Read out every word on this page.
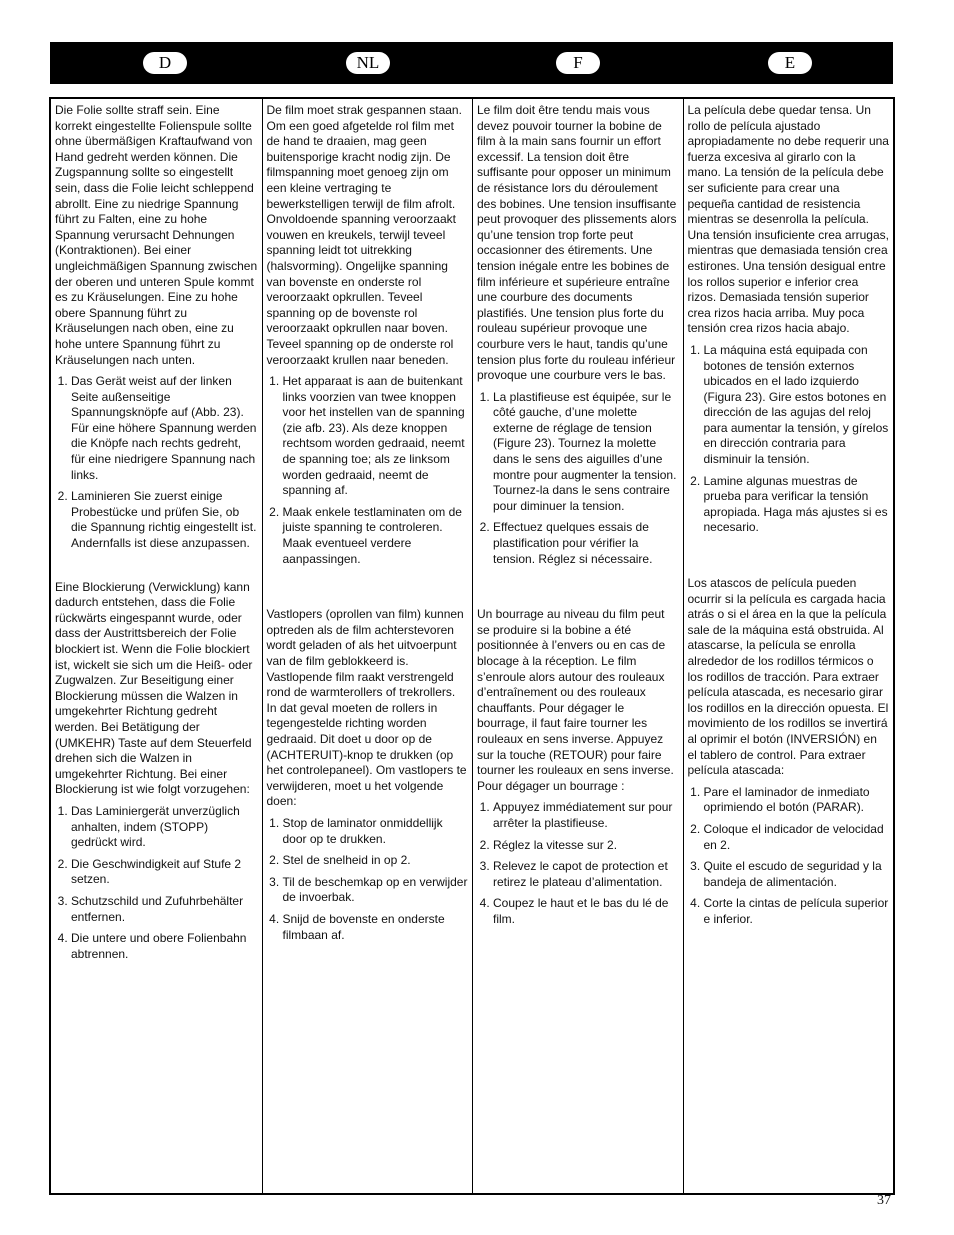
D	NL	F	E

Die Folie sollte straff sein. Eine korrekt eingestellte Folienspule sollte ohne übermäßigen Kraftaufwand von Hand gedreht werden können. Die Zugspannung sollte so eingestellt sein, dass die Folie leicht schleppend abrollt. Eine zu niedrige Spannung führt zu Falten, eine zu hohe Spannung verursacht Dehnungen (Kontraktionen). Bei einer ungleichmäßigen Spannung zwischen der oberen und unteren Spule kommt es zu Kräuselungen. Eine zu hohe obere Spannung führt zu Kräuselungen nach oben, eine zu hohe untere Spannung führt zu Kräuselungen nach unten.

1. Das Gerät weist auf der linken Seite außenseitige Spannungsknöpfe auf (Abb. 23). Für eine höhere Spannung werden die Knöpfe nach rechts gedreht, für eine niedrigere Spannung nach links.
2. Laminieren Sie zuerst einige Probestücke und prüfen Sie, ob die Spannung richtig eingestellt ist. Andernfalls ist diese anzupassen.

Eine Blockierung (Verwicklung) kann dadurch entstehen, dass die Folie rückwärts eingespannt wurde, oder dass der Austrittsbereich der Folie blockiert ist. Wenn die Folie blockiert ist, wickelt sie sich um die Heiß- oder Zugwalzen. Zur Beseitigung einer Blockierung müssen die Walzen in umgekehrter Richtung gedreht werden. Bei Betätigung der (UMKEHR) Taste auf dem Steuerfeld drehen sich die Walzen in umgekehrter Richtung. Bei einer Blockierung ist wie folgt vorzugehen:

1. Das Laminiergerät unverzüglich anhalten, indem (STOPP) gedrückt wird.
2. Die Geschwindigkeit auf Stufe 2 setzen.
3. Schutzschild und Zufuhrbehälter entfernen.
4. Die untere und obere Folienbahn abtrennen.

De film moet strak gespannen staan. Om een goed afgetelde rol film met de hand te draaien, mag geen buitensporige kracht nodig zijn. De filmspanning moet genoeg zijn om een kleine vertraging te bewerkstelligen terwijl de film afrolt. Onvoldoende spanning veroorzaakt vouwen en kreukels, terwijl teveel spanning leidt tot uitrekking (halsvorming). Ongelijke spanning van bovenste en onderste rol veroorzaakt opkrullen. Teveel spanning op de bovenste rol veroorzaakt opkrullen naar boven. Teveel spanning op de onderste rol veroorzaakt krullen naar beneden.

1. Het apparaat is aan de buitenkant links voorzien van twee knoppen voor het instellen van de spanning (zie afb. 23). Als deze knoppen rechtsom worden gedraaid, neemt de spanning toe; als ze linksom worden gedraaid, neemt de spanning af.
2. Maak enkele testlaminaten om de juiste spanning te controleren. Maak eventueel verdere aanpassingen.

Vastlopers (oprollen van film) kunnen optreden als de film achterstevoren wordt geladen of als het uitvoerpunt van de film geblokkeerd is. Vastlopende film raakt verstrengeld rond de warmterollers of trekrollers. In dat geval moeten de rollers in tegengestelde richting worden gedraaid. Dit doet u door op de (ACHTERUIT)-knop te drukken (op het controlepaneel). Om vastlopers te verwijderen, moet u het volgende doen:

1. Stop de laminator onmiddellijk door op te drukken.
2. Stel de snelheid in op 2.
3. Til de beschemkap op en verwijder de invoerbak.
4. Snijd de bovenste en onderste filmbaan af.

Le film doit être tendu mais vous devez pouvoir tourner la bobine de film à la main sans fournir un effort excessif. La tension doit être suffisante pour opposer un minimum de résistance lors du déroulement des bobines. Une tension insuffisante peut provoquer des plissements alors qu’une tension trop forte peut occasionner des étirements. Une tension inégale entre les bobines de film inférieure et supérieure entraîne une courbure des documents plastifiés. Une tension plus forte du rouleau supérieur provoque une courbure vers le haut, tandis qu’une tension plus forte du rouleau inférieur provoque une courbure vers le bas.

1. La plastifieuse est équipée, sur le côté gauche, d’une molette externe de réglage de tension (Figure 23). Tournez la molette dans le sens des aiguilles d’une montre pour augmenter la tension. Tournez-la dans le sens contraire pour diminuer la tension.
2. Effectuez quelques essais de plastification pour vérifier la tension. Réglez si nécessaire.

Un bourrage au niveau du film peut se produire si la bobine a été positionnée à l’envers ou en cas de blocage à la réception. Le film s’enroule alors autour des rouleaux d’entraînement ou des rouleaux chauffants. Pour dégager le bourrage, il faut faire tourner les rouleaux en sens inverse. Appuyez sur la touche (RETOUR) pour faire tourner les rouleaux en sens inverse. Pour dégager un bourrage :

1. Appuyez immédiatement sur pour arrêter la plastifieuse.
2. Réglez la vitesse sur 2.
3. Relevez le capot de protection et retirez le plateau d’alimentation.
4. Coupez le haut et le bas du lé de film.

La película debe quedar tensa. Un rollo de película ajustado apropiadamente no debe requerir una fuerza excesiva al girarlo con la mano. La tensión de la película debe ser suficiente para crear una pequeña cantidad de resistencia mientras se desenrolla la película. Una tensión insuficiente crea arrugas, mientras que demasiada tensión crea estirones. Una tensión desigual entre los rollos superior e inferior crea rizos. Demasiada tensión superior crea rizos hacia arriba. Muy poca tensión crea rizos hacia abajo.

1. La máquina está equipada con botones de tensión externos ubicados en el lado izquierdo (Figura 23). Gire estos botones en dirección de las agujas del reloj para aumentar la tensión, y gírelos en dirección contraria para disminuir la tensión.
2. Lamine algunas muestras de prueba para verificar la tensión apropiada. Haga más ajustes si es necesario.

Los atascos de película pueden ocurrir si la película es cargada hacia atrás o si el área en la que la película sale de la máquina está obstruida. Al atascarse, la película se enrolla alrededor de los rodillos térmicos o los rodillos de tracción. Para extraer película atascada, es necesario girar los rodillos en la dirección opuesta. El movimiento de los rodillos se invertirá al oprimir el botón (INVERSIÓN) en el tablero de control. Para extraer película atascada:

1. Pare el laminador de inmediato oprimiendo el botón (PARAR).
2. Coloque el indicador de velocidad en 2.
3. Quite el escudo de seguridad y la bandeja de alimentación.
4. Corte la cintas de película superior e inferior.
37
